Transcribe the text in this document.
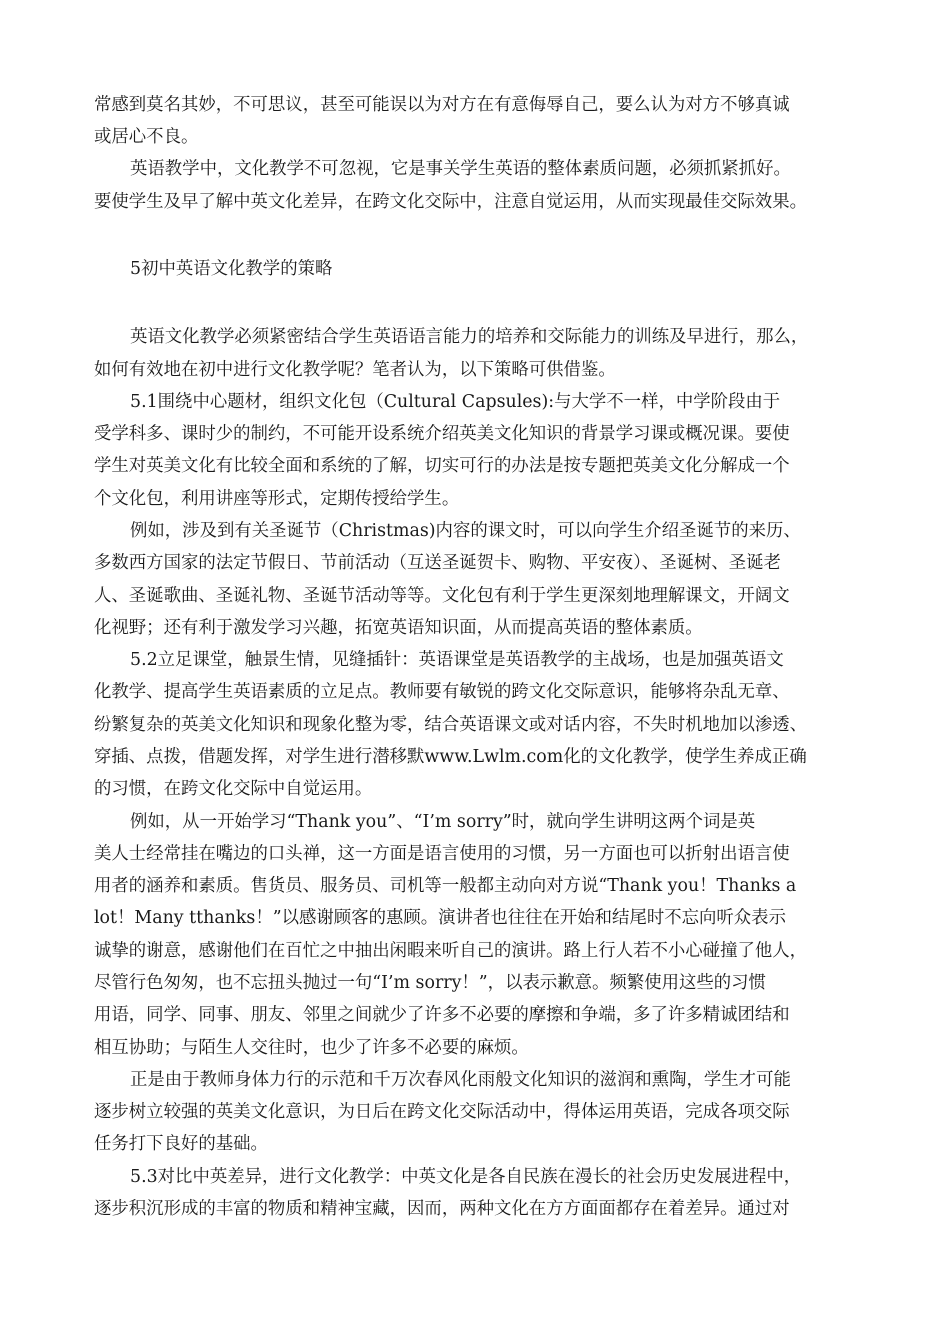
常感到莫名其妙，不可思议，甚至可能误以为对方在有意侮辱自己，要么认为对方不够真诚
或居心不良。
英语教学中，文化教学不可忽视，它是事关学生英语的整体素质问题，必须抓紧抓好。
要使学生及早了解中英文化差异，在跨文化交际中，注意自觉运用，从而实现最佳交际效果。
5初中英语文化教学的策略
英语文化教学必须紧密结合学生英语语言能力的培养和交际能力的训练及早进行，那么，
如何有效地在初中进行文化教学呢？笔者认为，以下策略可供借鉴。
5.1围绕中心题材，组织文化包（Cultural Capsules):与大学不一样，中学阶段由于
受学科多、课时少的制约，不可能开设系统介绍英美文化知识的背景学习课或概况课。要使
学生对英美文化有比较全面和系统的了解，切实可行的办法是按专题把英美文化分解成一个
个文化包，利用讲座等形式，定期传授给学生。
例如，涉及到有关圣诞节（Christmas)内容的课文时，可以向学生介绍圣诞节的来历、
多数西方国家的法定节假日、节前活动（互送圣诞贺卡、购物、平安夜）、圣诞树、圣诞老
人、圣诞歌曲、圣诞礼物、圣诞节活动等等。文化包有利于学生更深刻地理解课文，开阔文
化视野；还有利于激发学习兴趣，拓宽英语知识面，从而提高英语的整体素质。
5.2立足课堂，触景生情，见缝插针：英语课堂是英语教学的主战场，也是加强英语文
化教学、提高学生英语素质的立足点。教师要有敏锐的跨文化交际意识，能够将杂乱无章、
纷繁复杂的英美文化知识和现象化整为零，结合英语课文或对话内容，不失时机地加以渗透、
穿插、点拨，借题发挥，对学生进行潜移默www.Lwlm.com化的文化教学，使学生养成正确
的习惯，在跨文化交际中自觉运用。
例如，从一开始学习“Thank you”、“I’m sorry”时，就向学生讲明这两个词是英
美人士经常挂在嘴边的口头禅，这一方面是语言使用的习惯，另一方面也可以折射出语言使
用者的涵养和素质。售货员、服务员、司机等一般都主动向对方说“Thank you！Thanks a
lot！Many tthanks！”以感谢顾客的惠顾。演讲者也往往在开始和结尾时不忘向听众表示
诚挚的谢意，感谢他们在百忙之中抽出闲暇来听自己的演讲。路上行人若不小心碰撞了他人，
尽管行色匆匆，也不忘扭头抛过一句“I’m sorry！”，以表示歉意。频繁使用这些的习惯
用语，同学、同事、朋友、邻里之间就少了许多不必要的摩擦和争端，多了许多精诚团结和
相互协助；与陌生人交往时，也少了许多不必要的麻烦。
正是由于教师身体力行的示范和千万次春风化雨般文化知识的滋润和熏陶，学生才可能
逐步树立较强的英美文化意识，为日后在跨文化交际活动中，得体运用英语，完成各项交际
任务打下良好的基础。
5.3对比中英差异，进行文化教学：中英文化是各自民族在漫长的社会历史发展进程中，
逐步积沉形成的丰富的物质和精神宝藏，因而，两种文化在方方面面都存在着差异。通过对
